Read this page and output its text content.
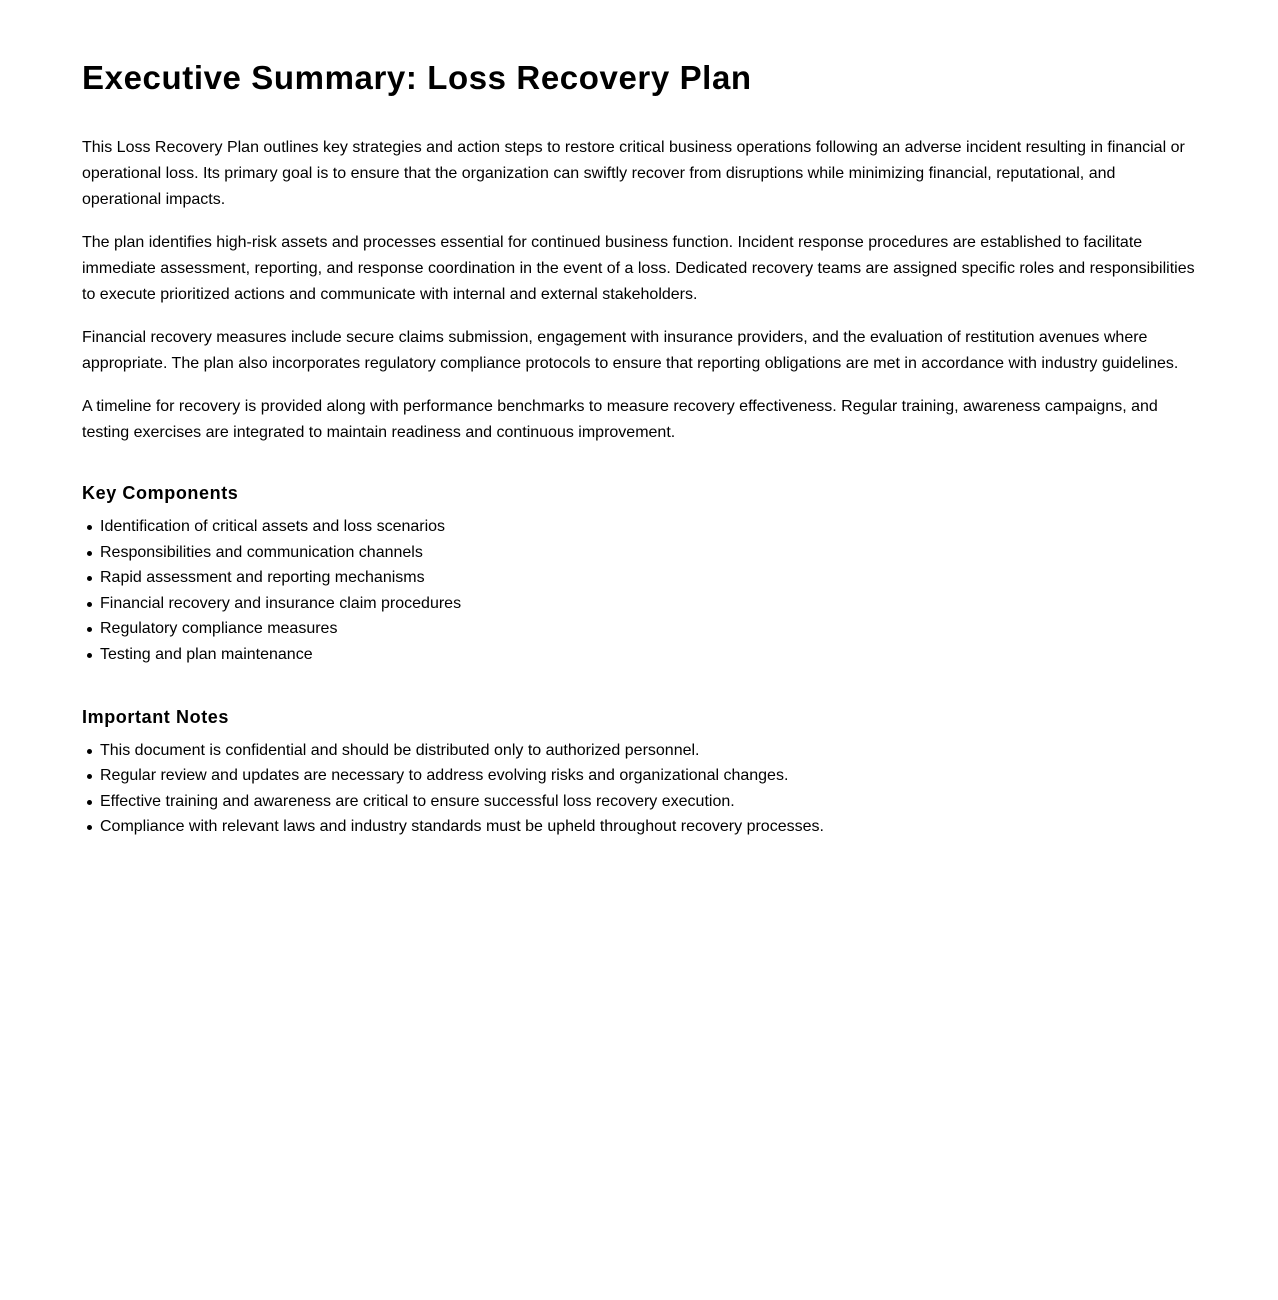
Executive Summary: Loss Recovery Plan

This Loss Recovery Plan outlines key strategies and action steps to restore critical business operations following an adverse incident resulting in financial or operational loss. Its primary goal is to ensure that the organization can swiftly recover from disruptions while minimizing financial, reputational, and operational impacts.

The plan identifies high-risk assets and processes essential for continued business function. Incident response procedures are established to facilitate immediate assessment, reporting, and response coordination in the event of a loss. Dedicated recovery teams are assigned specific roles and responsibilities to execute prioritized actions and communicate with internal and external stakeholders.

Financial recovery measures include secure claims submission, engagement with insurance providers, and the evaluation of restitution avenues where appropriate. The plan also incorporates regulatory compliance protocols to ensure that reporting obligations are met in accordance with industry guidelines.

A timeline for recovery is provided along with performance benchmarks to measure recovery effectiveness. Regular training, awareness campaigns, and testing exercises are integrated to maintain readiness and continuous improvement.

Key Components
Identification of critical assets and loss scenarios
Responsibilities and communication channels
Rapid assessment and reporting mechanisms
Financial recovery and insurance claim procedures
Regulatory compliance measures
Testing and plan maintenance
Important Notes
This document is confidential and should be distributed only to authorized personnel.
Regular review and updates are necessary to address evolving risks and organizational changes.
Effective training and awareness are critical to ensure successful loss recovery execution.
Compliance with relevant laws and industry standards must be upheld throughout recovery processes.
